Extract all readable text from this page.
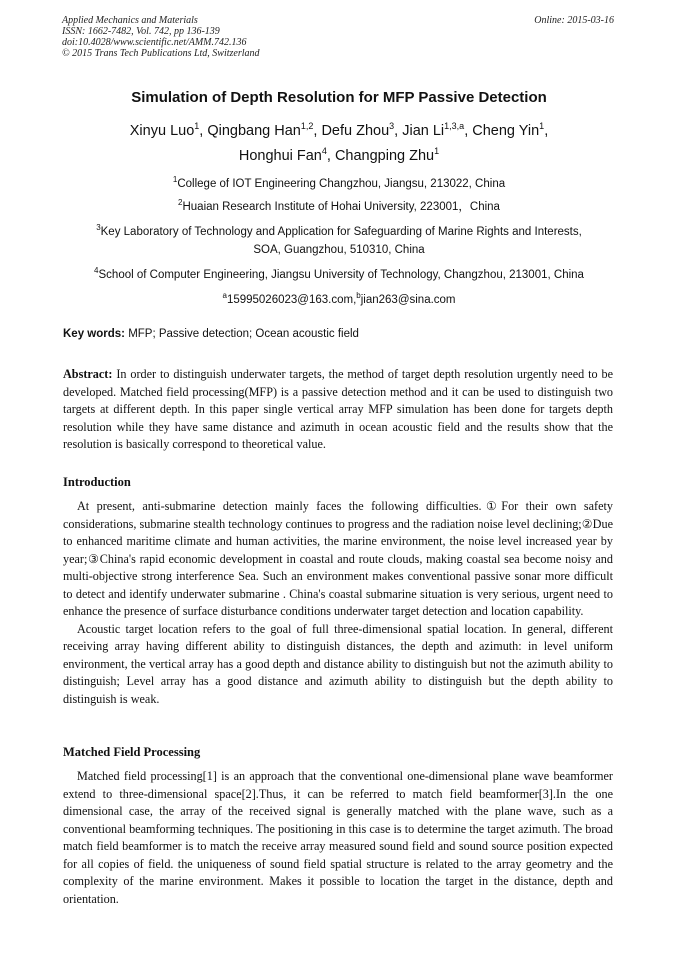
Applied Mechanics and Materials
ISSN: 1662-7482, Vol. 742, pp 136-139
doi:10.4028/www.scientific.net/AMM.742.136
© 2015 Trans Tech Publications Ltd, Switzerland
Online: 2015-03-16
Simulation of Depth Resolution for MFP Passive Detection
Xinyu Luo$^1$, Qingbang Han$^{1,2}$, Defu Zhou$^3$, Jian Li$^{1,3,a}$, Cheng Yin$^1$,
Honghui Fan$^4$, Changping Zhu$^1$
$^1$College of IOT Engineering Changzhou, Jiangsu, 213022, China
$^2$Huaian Research Institute of Hohai University, 223001，China
$^3$Key Laboratory of Technology and Application for Safeguarding of Marine Rights and Interests,
SOA, Guangzhou, 510310, China
$^4$School of Computer Engineering, Jiangsu University of Technology, Changzhou, 213001, China
$^a$15995026023@163.com,$^b$jian263@sina.com
Key words: MFP; Passive detection; Ocean acoustic field

Abstract: In order to distinguish underwater targets, the method of target depth resolution urgently need to be developed. Matched field processing(MFP) is a passive detection method and it can be used to distinguish two targets at different depth. In this paper single vertical array MFP simulation has been done for targets depth resolution while they have same distance and azimuth in ocean acoustic field and the results show that the resolution is basically correspond to theoretical value.

Introduction

At present, anti-submarine detection mainly faces the following difficulties.①For their own safety considerations, submarine stealth technology continues to progress and the radiation noise level declining;②Due to enhanced maritime climate and human activities, the marine environment, the noise level increased year by year;③China's rapid economic development in coastal and route clouds, making coastal sea become noisy and multi-objective strong interference Sea. Such an environment makes conventional passive sonar more difficult to detect and identify underwater submarine . China's coastal submarine situation is very serious, urgent need to enhance the presence of surface disturbance conditions underwater target detection and location capability.

Acoustic target location refers to the goal of full three-dimensional spatial location. In general, different receiving array having different ability to distinguish distances, the depth and azimuth: in level uniform environment, the vertical array has a good depth and distance ability to distinguish but not the azimuth ability to distinguish; Level array has a good distance and azimuth ability to distinguish but the depth ability to distinguish is weak.

Matched Field Processing

Matched field processing[1] is an approach that the conventional one-dimensional plane wave beamformer extend to three-dimensional space[2].Thus, it can be referred to match field beamformer[3].In the one dimensional case, the array of the received signal is generally matched with the plane wave, such as a conventional beamforming techniques. The positioning in this case is to determine the target azimuth. The broad match field beamformer is to match the receive array measured sound field and sound source position expected for all copies of field. the uniqueness of sound field spatial structure is related to the array geometry and the complexity of the marine environment. Makes it possible to location the target in the distance, depth and orientation.
